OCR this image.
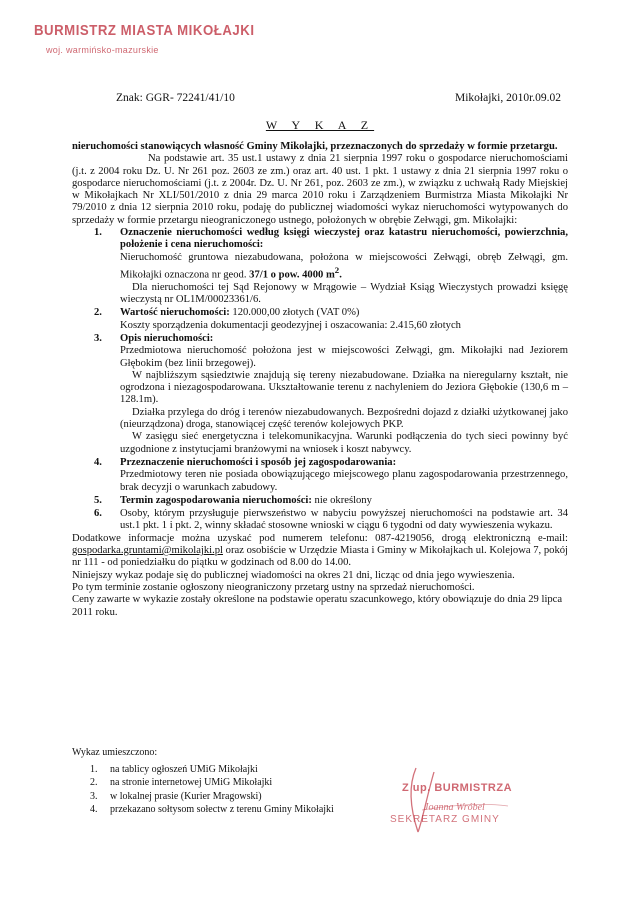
BURMISTRZ MIASTA MIKOŁAJKI
woj. warmińsko-mazurskie
Znak: GGR- 72241/41/10	Mikołajki, 2010r.09.02
W Y K A Z

nieruchomości stanowiących własność Gminy Mikołajki, przeznaczonych do sprzedaży w formie przetargu.

Na podstawie art. 35 ust.1 ustawy z dnia 21 sierpnia 1997 roku o gospodarce nieruchomościami (j.t. z 2004 roku Dz. U. Nr 261 poz. 2603 ze zm.) oraz art. 40 ust. 1 pkt. 1 ustawy z dnia 21 sierpnia 1997 roku o gospodarce nieruchomościami (j.t. z 2004r. Dz. U. Nr 261, poz. 2603 ze zm.), w związku z uchwałą Rady Miejskiej w Mikołajkach Nr XLI/501/2010 z dnia 29 marca 2010 roku i Zarządzeniem Burmistrza Miasta Mikołajki Nr 79/2010 z dnia 12 sierpnia 2010 roku, podaję do publicznej wiadomości wykaz nieruchomości wytypowanych do sprzedaży w formie przetargu nieograniczonego ustnego, położonych w obrębie Zełwągi, gm. Mikołajki:

1. Oznaczenie nieruchomości według księgi wieczystej oraz katastru nieruchomości, powierzchnia, położenie i cena nieruchomości:
Nieruchomość gruntowa niezabudowana, położona w miejscowości Zełwągi, obręb Zełwągi, gm. Mikołajki oznaczona nr geod. 37/1 o pow. 4000 $m^2$.
Dla nieruchomości tej Sąd Rejonowy w Mrągowie – Wydział Ksiąg Wieczystych prowadzi księgę wieczystą nr OL1M/00023361/6.
2. Wartość nieruchomości: 120.000,00 złotych (VAT 0%)
Koszty sporządzenia dokumentacji geodezyjnej i oszacowania: 2.415,60 złotych
3. Opis nieruchomości:
Przedmiotowa nieruchomość położona jest w miejscowości Zełwągi, gm. Mikołajki nad Jeziorem Głębokim (bez linii brzegowej).
W najbliższym sąsiedztwie znajdują się tereny niezabudowane. Działka na nieregularny kształt, nie ogrodzona i niezagospodarowana. Ukształtowanie terenu z nachyleniem do Jeziora Głębokie (130,6 m – 128.1m).
Działka przylega do dróg i terenów niezabudowanych. Bezpośredni dojazd z działki użytkowanej jako (nieurządzona) droga, stanowiącej część terenów kolejowych PKP.
W zasięgu sieć energetyczna i telekomunikacyjna. Warunki podłączenia do tych sieci powinny być uzgodnione z instytucjami branżowymi na wniosek i koszt nabywcy.
4. Przeznaczenie nieruchomości i sposób jej zagospodarowania:
Przedmiotowy teren nie posiada obowiązującego miejscowego planu zagospodarowania przestrzennego, brak decyzji o warunkach zabudowy.
5. Termin zagospodarowania nieruchomości: nie określony
6. Osoby, którym przysługuje pierwszeństwo w nabyciu powyższej nieruchomości na podstawie art. 34 ust.1 pkt. 1 i pkt. 2, winny składać stosowne wnioski w ciągu 6 tygodni od daty wywieszenia wykazu.

Dodatkowe informacje można uzyskać pod numerem telefonu: 087-4219056, drogą elektroniczną e-mail: gospodarka.gruntami@mikolajki.pl oraz osobiście w Urzędzie Miasta i Gminy w Mikołajkach ul. Kolejowa 7, pokój nr 111 - od poniedziałku do piątku w godzinach od 8.00 do 14.00.

Niniejszy wykaz podaje się do publicznej wiadomości na okres 21 dni, licząc od dnia jego wywieszenia.

Po tym terminie zostanie ogłoszony nieograniczony przetarg ustny na sprzedaż nieruchomości.

Ceny zawarte w wykazie zostały określone na podstawie operatu szacunkowego, który obowiązuje do dnia 29 lipca 2011 roku.

Wykaz umieszczono:
1. na tablicy ogłoszeń UMiG Mikołajki
2. na stronie internetowej UMiG Mikołajki
3. w lokalnej prasie (Kurier Mragowski)
4. przekazano sołtysom sołectw z terenu Gminy Mikołajki
Z up. BURMISTRZA
Joanna Wróbel
SEKRETARZ GMINY
